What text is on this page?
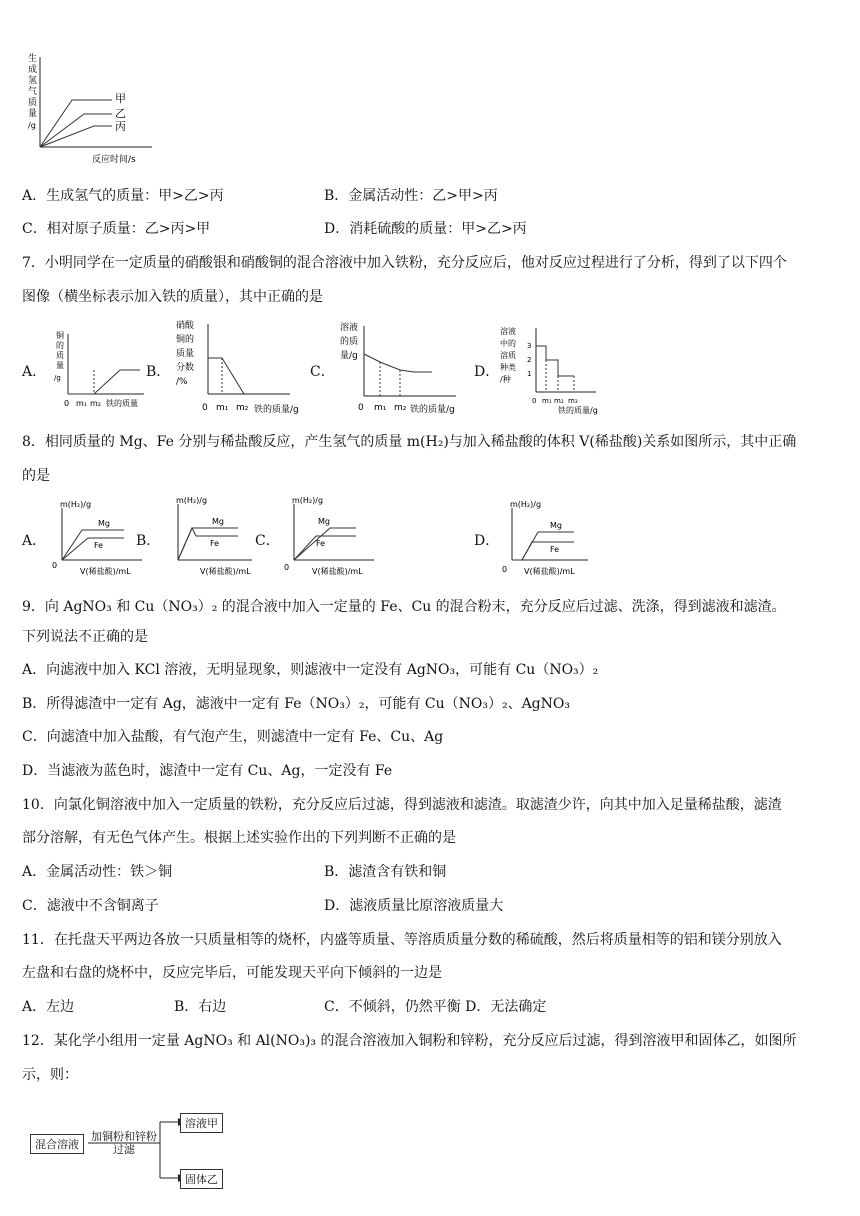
生
成
氢
气
质
量
/g
甲
乙
丙
反应时间/s
A．生成氢气的质量：甲>乙>丙	B．金属活动性：乙>甲>丙
C．相对原子质量：乙>丙>甲	D．消耗硫酸的质量：甲>乙>丙
7．小明同学在一定质量的硝酸银和硝酸铜的混合溶液中加入铁粉，充分反应后，他对反应过程进行了分析，得到了以下四个
图像（横坐标表示加入铁的质量），其中正确的是
A．
铜
的
质
量
/g
0 m₁ m₂ 铁的质量
B．
硝酸
铜的
质量
分数
/%
0 m₁ m₂ 铁的质量/g
C．
溶液
的质
量/g
0 m₁ m₂ 铁的质量/g
D．
溶液
中的
溶质
种类
/种
3
2
1
0 m₁ m₂ m₃
铁的质量/g
8．相同质量的 Mg、Fe 分别与稀盐酸反应，产生氢气的质量 m(H₂)与加入稀盐酸的体积 V(稀盐酸)关系如图所示，其中正确
的是
A．
m(H₂)/g
Mg
Fe
0
V(稀盐酸)/mL
B．
m(H₂)/g
Mg
Fe
V(稀盐酸)/mL
C．
m(H₂)/g
Mg
Fe
0	V(稀盐酸)/mL
D．
m(H₂)/g
Mg
Fe
0 V(稀盐酸)/mL
9．向 AgNO₃ 和 Cu（NO₃）₂ 的混合液中加入一定量的 Fe、Cu 的混合粉末，充分反应后过滤、洗涤，得到滤液和滤渣。
下列说法不正确的是
A．向滤液中加入 KCl 溶液，无明显现象，则滤液中一定没有 AgNO₃，可能有 Cu（NO₃）₂
B．所得滤渣中一定有 Ag，滤液中一定有 Fe（NO₃）₂，可能有 Cu（NO₃）₂、AgNO₃
C．向滤渣中加入盐酸，有气泡产生，则滤渣中一定有 Fe、Cu、Ag
D．当滤液为蓝色时，滤渣中一定有 Cu、Ag，一定没有 Fe
10．向氯化铜溶液中加入一定质量的铁粉，充分反应后过滤，得到滤液和滤渣。取滤渣少许，向其中加入足量稀盐酸，滤渣
部分溶解，有无色气体产生。根据上述实验作出的下列判断不正确的是
A．金属活动性：铁＞铜	B．滤渣含有铁和铜
C．滤液中不含铜离子	D．滤液质量比原溶液质量大
11．在托盘天平两边各放一只质量相等的烧杯，内盛等质量、等溶质质量分数的稀硫酸，然后将质量相等的铝和镁分别放入
左盘和右盘的烧杯中，反应完毕后，可能发现天平向下倾斜的一边是
A．左边	B．右边	C．不倾斜，仍然平衡 D．无法确定
12．某化学小组用一定量 AgNO₃ 和 Al(NO₃)₃ 的混合溶液加入铜粉和锌粉，充分反应后过滤，得到溶液甲和固体乙，如图所
示，则：
混合溶液
加铜粉和锌粉
过滤
溶液甲
固体乙
